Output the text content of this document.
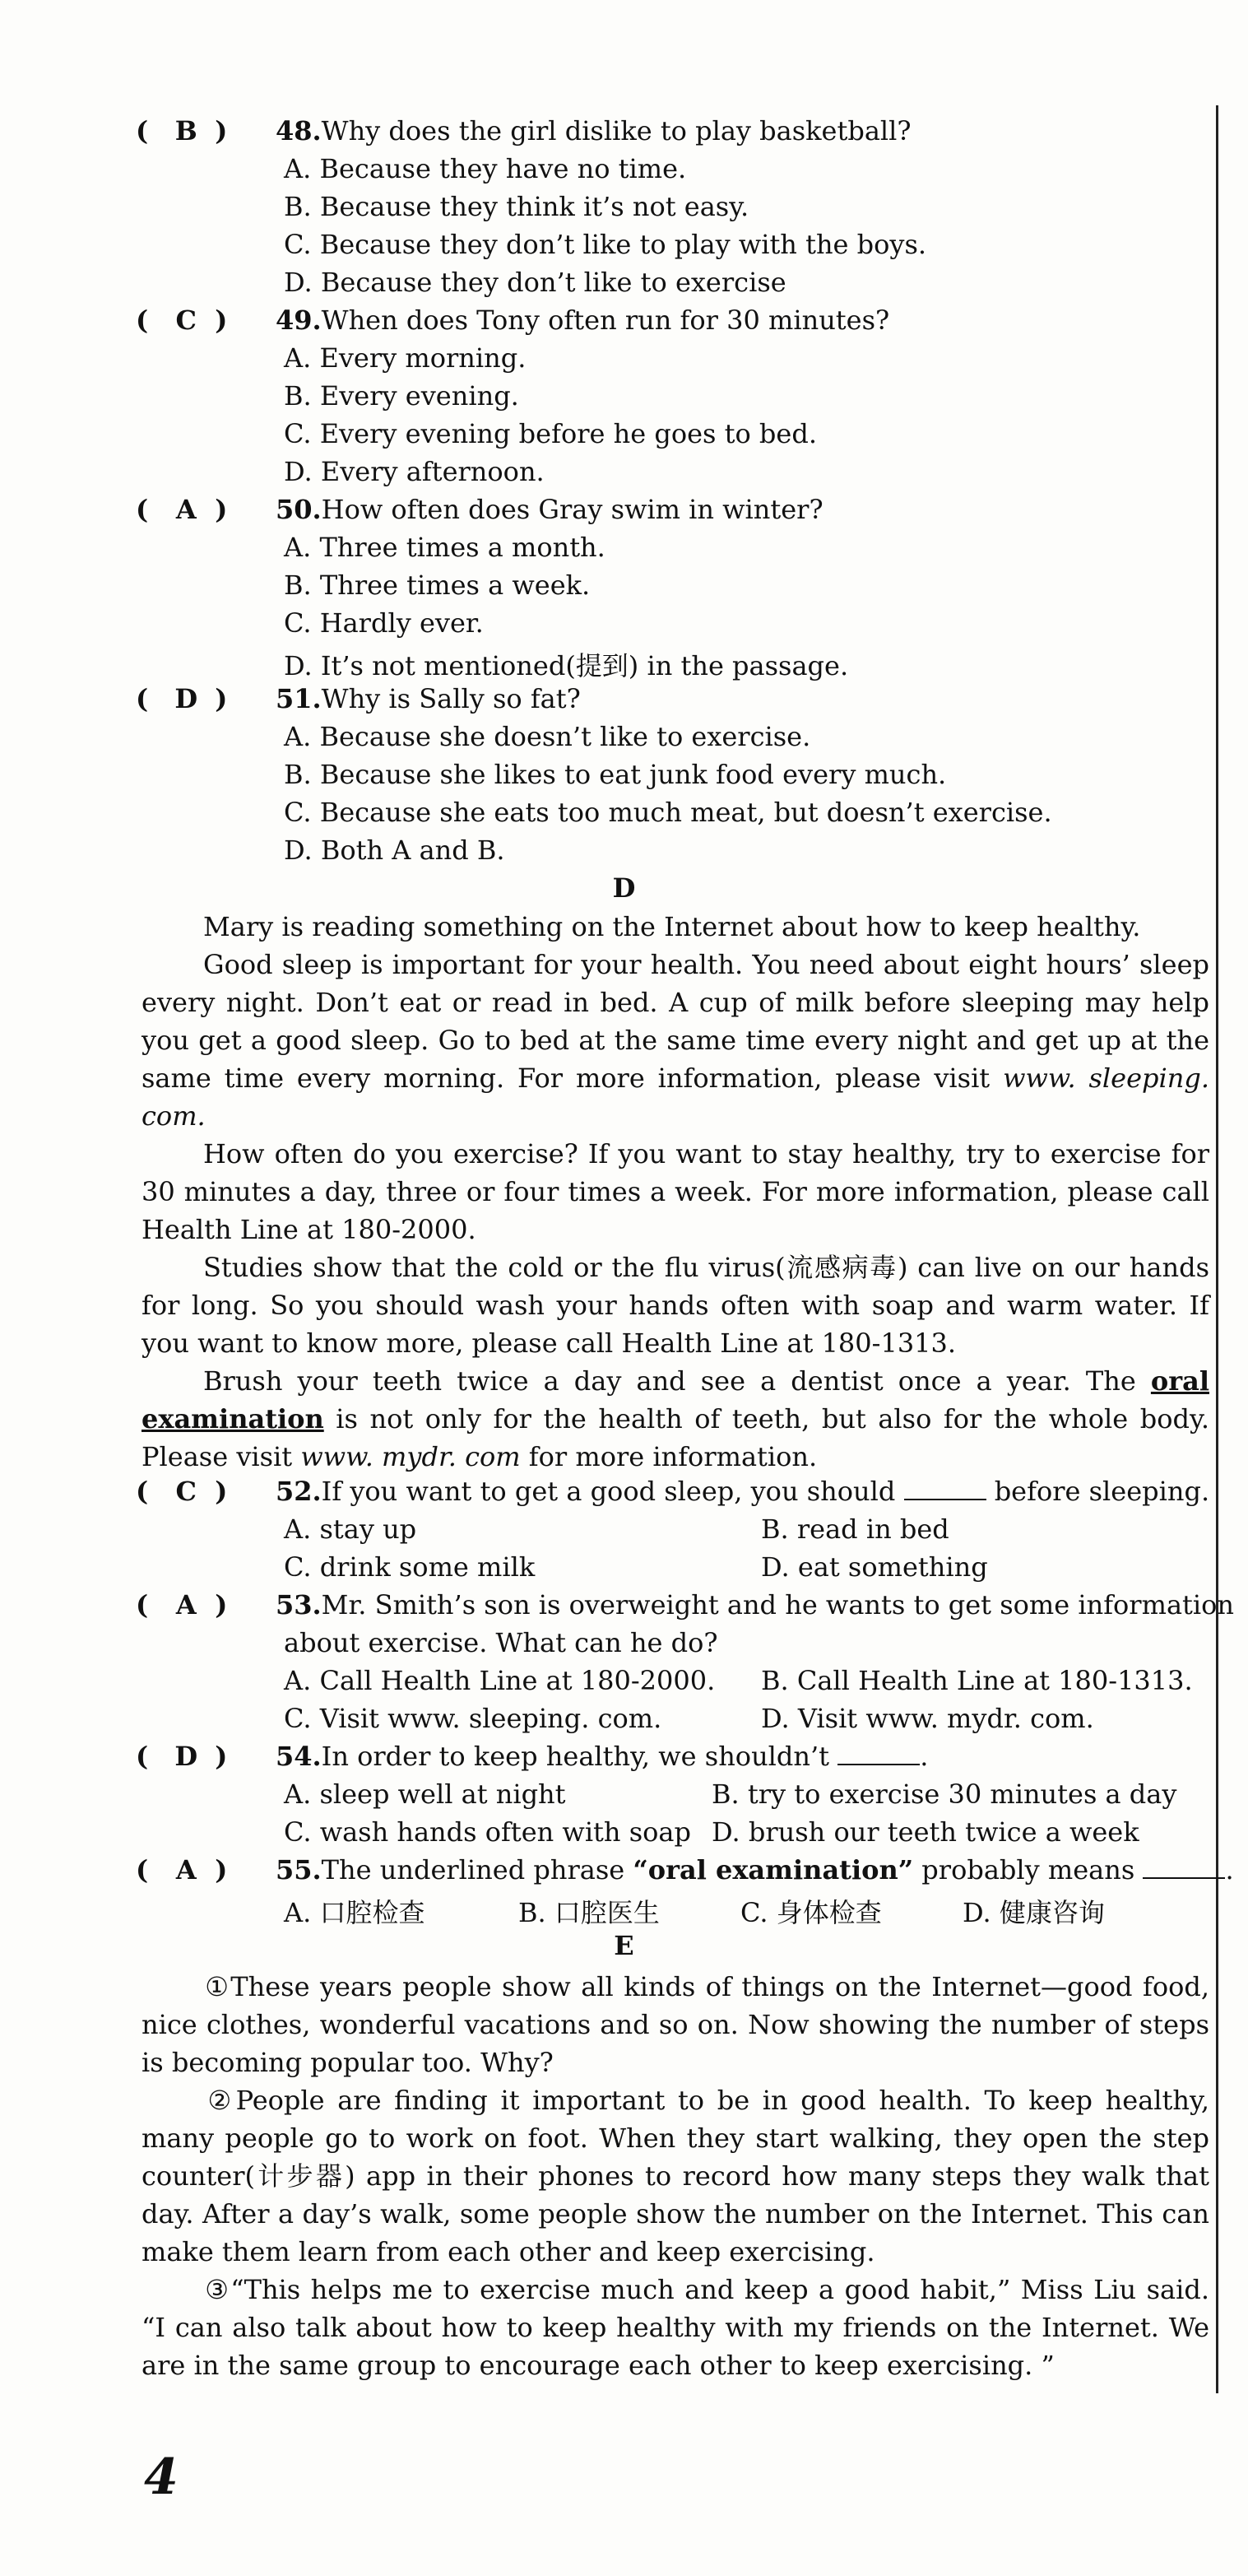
( B ) 48.Why does the girl dislike to play basketball?
A. Because they have no time.
B. Because they think it’s not easy.
C. Because they don’t like to play with the boys.
D. Because they don’t like to exercise
( C ) 49.When does Tony often run for 30 minutes?
A. Every morning.
B. Every evening.
C. Every evening before he goes to bed.
D. Every afternoon.
( A ) 50.How often does Gray swim in winter?
A. Three times a month.
B. Three times a week.
C. Hardly ever.
D. It’s not mentioned(提到) in the passage.
( D ) 51.Why is Sally so fat?
A. Because she doesn’t like to exercise.
B. Because she likes to eat junk food every much.
C. Because she eats too much meat, but doesn’t exercise.
D. Both A and B.
D
Mary is reading something on the Internet about how to keep healthy.
Good sleep is important for your health. You need about eight hours’ sleep every night. Don’t eat or read in bed. A cup of milk before sleeping may help you get a good sleep. Go to bed at the same time every night and get up at the same time every morning. For more information, please visit www. sleeping. com.
How often do you exercise? If you want to stay healthy, try to exercise for 30 minutes a day, three or four times a week. For more information, please call Health Line at 180-2000.
Studies show that the cold or the flu virus(流感病毒) can live on our hands for long. So you should wash your hands often with soap and warm water. If you want to know more, please call Health Line at 180-1313.
Brush your teeth twice a day and see a dentist once a year. The oral examination is not only for the health of teeth, but also for the whole body. Please visit www. mydr. com for more information.
( C ) 52.If you want to get a good sleep, you should	before sleeping.
A. stay up	B. read in bed
C. drink some milk	D. eat something
( A ) 53.Mr. Smith’s son is overweight and he wants to get some information
about exercise. What can he do?
A. Call Health Line at 180-2000. B. Call Health Line at 180-1313.
C. Visit www. sleeping. com.	D. Visit www. mydr. com.
( D ) 54.In order to keep healthy, we shouldn’t	.
A. sleep well at night	B. try to exercise 30 minutes a day
C. wash hands often with soap D. brush our teeth twice a week
( A ) 55.The underlined phrase “oral examination” probably means	.
A. 口腔检查	B. 口腔医生	C. 身体检查	D. 健康咨询
E
①These years people show all kinds of things on the Internet—good food, nice clothes, wonderful vacations and so on. Now showing the number of steps is becoming popular too. Why?
②People are finding it important to be in good health. To keep healthy, many people go to work on foot. When they start walking, they open the step counter(计步器) app in their phones to record how many steps they walk that day. After a day’s walk, some people show the number on the Internet. This can make them learn from each other and keep exercising.
③“This helps me to exercise much and keep a good habit,” Miss Liu said. “I can also talk about how to keep healthy with my friends on the Internet. We are in the same group to encourage each other to keep exercising. ”
4
